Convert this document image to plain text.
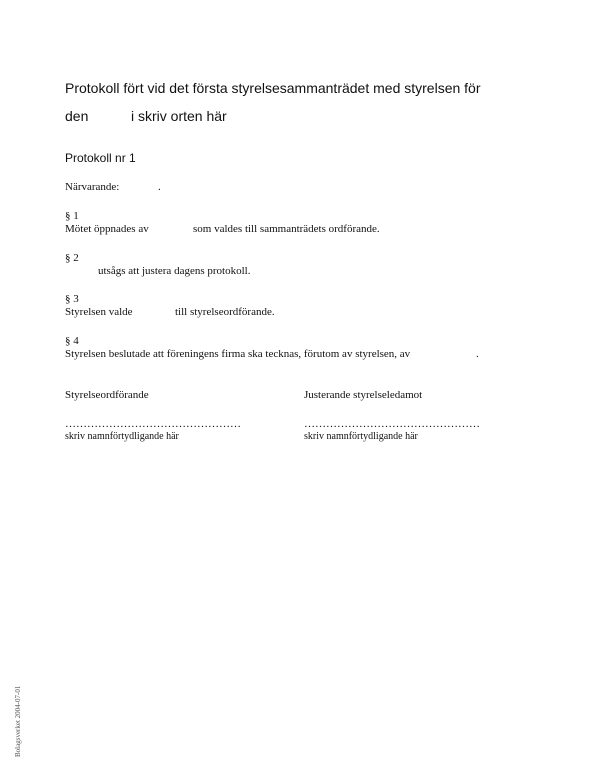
Protokoll fört vid det första styrelsesammanträdet med styrelsen för
den	i skriv orten här
Protokoll nr 1
Närvarande:	.
§ 1
Mötet öppnades av	som valdes till sammanträdets ordförande.
§ 2
utsågs att justera dagens protokoll.
§ 3
Styrelsen valde	till styrelseordförande.
§ 4
Styrelsen beslutade att föreningens firma ska tecknas, förutom av styrelsen, av	.
Styrelseordförande	Justerande styrelseledamot
…………………………………………	…………………………………………
skriv namnförtydligande här	skriv namnförtydligande här
Bolagsverket 2004-07-01
